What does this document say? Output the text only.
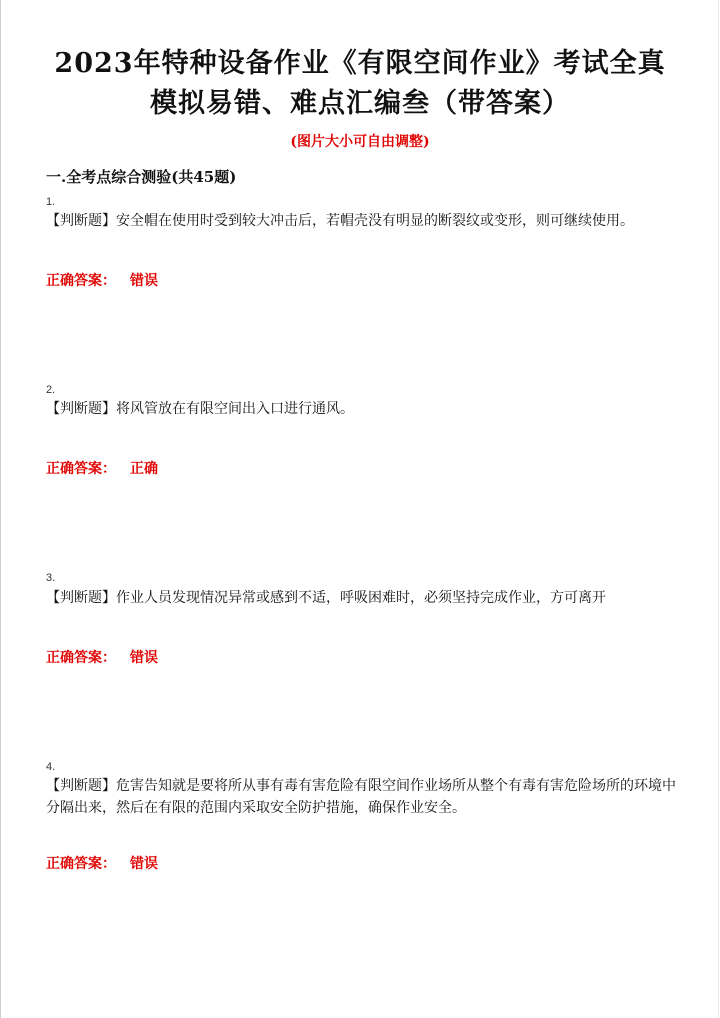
2023年特种设备作业《有限空间作业》考试全真
模拟易错、难点汇编叁（带答案）
(图片大小可自由调整)
一.全考点综合测验(共45题)
1.
【判断题】安全帽在使用时受到较大冲击后，若帽壳没有明显的断裂纹或变形，则可继续使用。
正确答案： 错误
2.
【判断题】将风管放在有限空间出入口进行通风。
正确答案： 正确
3.
【判断题】作业人员发现情况异常或感到不适，呼吸困难时，必须坚持完成作业，方可离开
正确答案： 错误
4.
【判断题】危害告知就是要将所从事有毒有害危险有限空间作业场所从整个有毒有害危险场所的环境中分隔出来，然后在有限的范围内采取安全防护措施，确保作业安全。
正确答案： 错误
